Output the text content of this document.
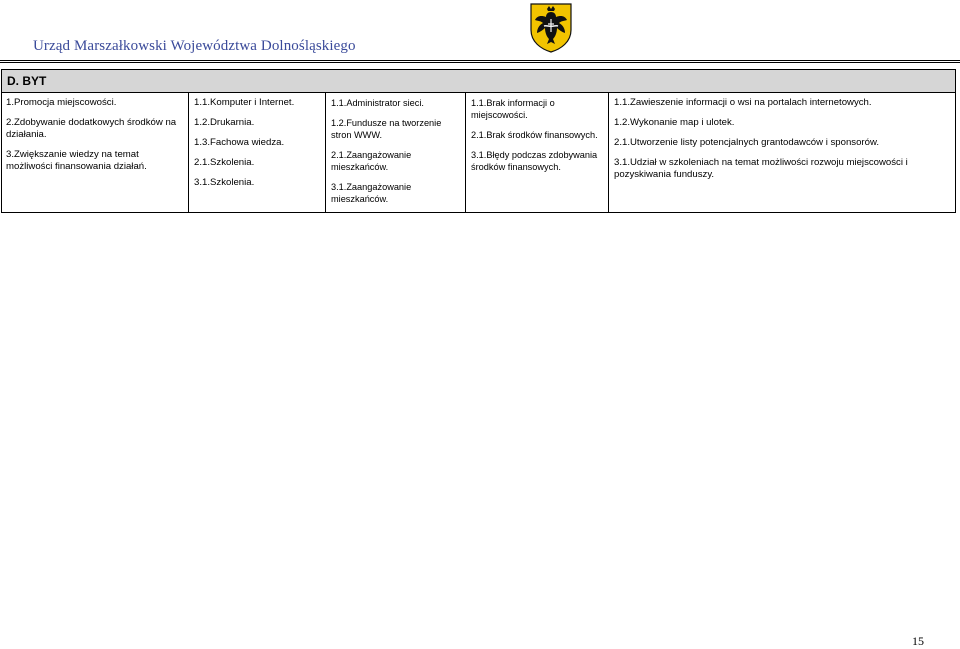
Urząd Marszałkowski Województwa Dolnośląskiego
D. BYT
1.Promocja miejscowości.
2.Zdobywanie dodatkowych środków na działania.
3.Zwiększanie wiedzy na temat możliwości finansowania działań.
1.1.Komputer i Internet.
1.2.Drukarnia.
1.3.Fachowa wiedza.
2.1.Szkolenia.
3.1.Szkolenia.
1.1.Administrator sieci.
1.2.Fundusze na tworzenie stron WWW.
2.1.Zaangażowanie mieszkańców.
3.1.Zaangażowanie mieszkańców.
1.1.Brak informacji o miejscowości.
2.1.Brak środków finansowych.
3.1.Błędy podczas zdobywania środków finansowych.
1.1.Zawieszenie informacji o wsi na portalach internetowych.
1.2.Wykonanie map i ulotek.
2.1.Utworzenie listy potencjalnych grantodawców i sponsorów.
3.1.Udział w szkoleniach na temat możliwości rozwoju miejscowości i pozyskiwania funduszy.
15
